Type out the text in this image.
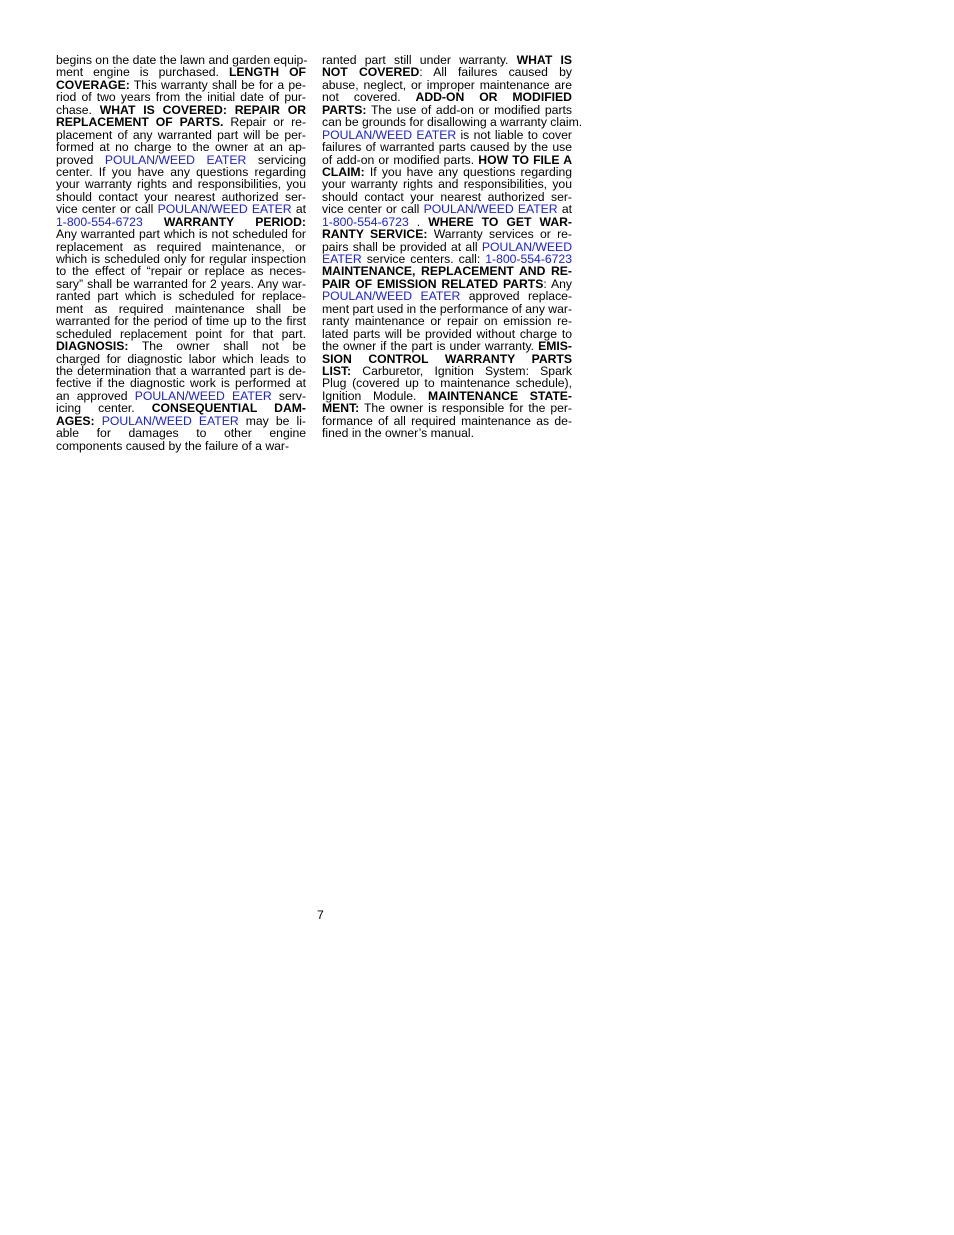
begins on the date the lawn and garden equip-
ment engine is purchased. LENGTH OF
COVERAGE: This warranty shall be for a pe-
riod of two years from the initial date of pur-
chase. WHAT IS COVERED: REPAIR OR
REPLACEMENT OF PARTS. Repair or re-
placement of any warranted part will be per-
formed at no charge to the owner at an ap-
proved POULAN/WEED EATER servicing
center. If you have any questions regarding
your warranty rights and responsibilities, you
should contact your nearest authorized ser-
vice center or call POULAN/WEED EATER at
1-800-554-6723 WARRANTY PERIOD:
Any warranted part which is not scheduled for
replacement as required maintenance, or
which is scheduled only for regular inspection
to the effect of “repair or replace as neces-
sary” shall be warranted for 2 years. Any war-
ranted part which is scheduled for replace-
ment as required maintenance shall be
warranted for the period of time up to the first
scheduled replacement point for that part.
DIAGNOSIS: The owner shall not be
charged for diagnostic labor which leads to
the determination that a warranted part is de-
fective if the diagnostic work is performed at
an approved POULAN/WEED EATER serv-
icing center. CONSEQUENTIAL DAM-
AGES: POULAN/WEED EATER may be li-
able for damages to other engine
components caused by the failure of a war-
ranted part still under warranty. WHAT IS
NOT COVERED: All failures caused by
abuse, neglect, or improper maintenance are
not covered. ADD-ON OR MODIFIED
PARTS: The use of add-on or modified parts
can be grounds for disallowing a warranty claim.
POULAN/WEED EATER is not liable to cover
failures of warranted parts caused by the use
of add-on or modified parts. HOW TO FILE A
CLAIM: If you have any questions regarding
your warranty rights and responsibilities, you
should contact your nearest authorized ser-
vice center or call POULAN/WEED EATER at
1-800-554-6723 . WHERE TO GET WAR-
RANTY SERVICE: Warranty services or re-
pairs shall be provided at all POULAN/WEED
EATER service centers. call: 1-800-554-6723
MAINTENANCE, REPLACEMENT AND RE-
PAIR OF EMISSION RELATED PARTS: Any
POULAN/WEED EATER approved replace-
ment part used in the performance of any war-
ranty maintenance or repair on emission re-
lated parts will be provided without charge to
the owner if the part is under warranty. EMIS-
SION CONTROL WARRANTY PARTS
LIST: Carburetor, Ignition System: Spark
Plug (covered up to maintenance schedule),
Ignition Module. MAINTENANCE STATE-
MENT: The owner is responsible for the per-
formance of all required maintenance as de-
fined in the owner’s manual.
7
